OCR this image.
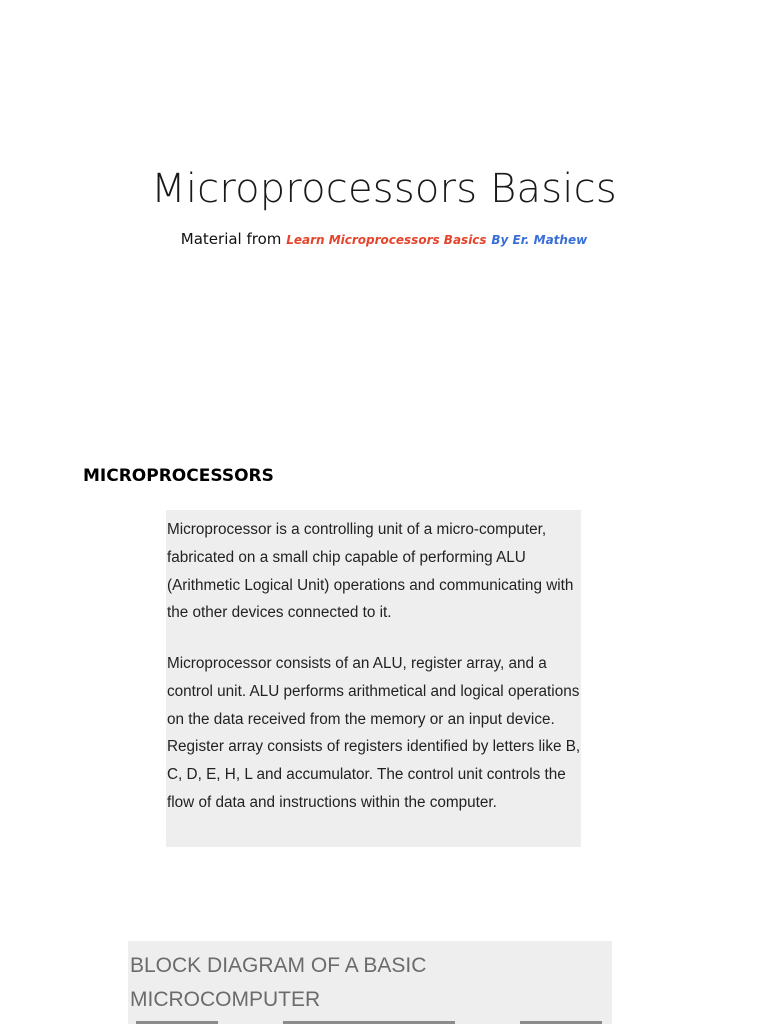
Microprocessors Basics
Material from Learn Microprocessors Basics By Er. Mathew
MICROPROCESSORS

Microprocessor is a controlling unit of a micro-computer, fabricated on a small chip capable of performing ALU (Arithmetic Logical Unit) operations and communicating with the other devices connected to it.

Microprocessor consists of an ALU, register array, and a control unit. ALU performs arithmetical and logical operations on the data received from the memory or an input device. Register array consists of registers identified by letters like B, C, D, E, H, L and accumulator. The control unit controls the flow of data and instructions within the computer.

BLOCK DIAGRAM OF A BASIC MICROCOMPUTER
